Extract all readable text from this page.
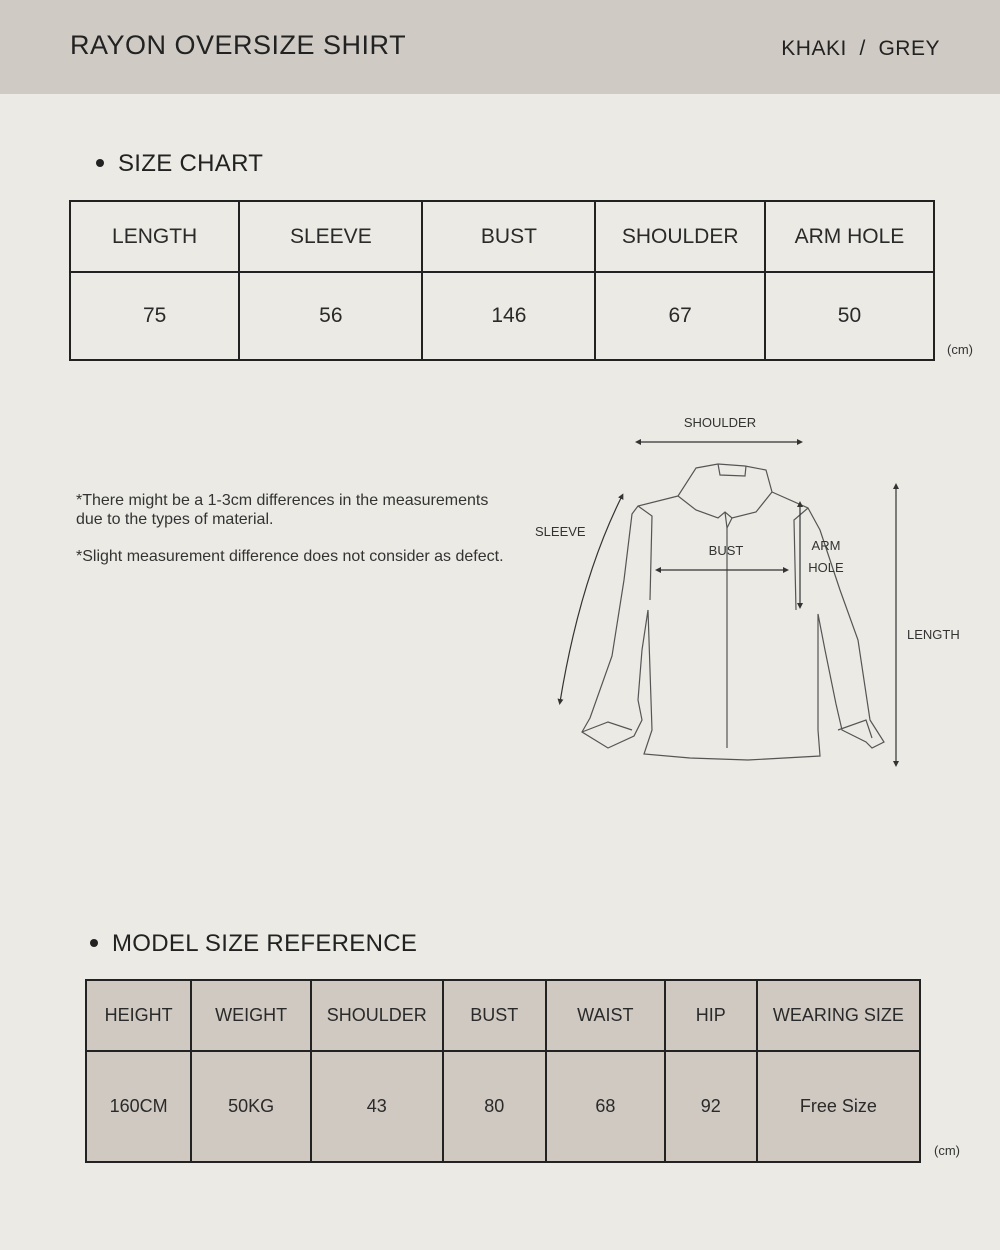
RAYON OVERSIZE SHIRT	KHAKI  /  GREY
SIZE CHART
LENGTH	SLEEVE	BUST	SHOULDER	ARM HOLE
75	56	146	67	50
(cm)
*There might be a 1-3cm differences in the measurements due to the types of material.
*Slight measurement difference does not consider as defect.
SHOULDER
SLEEVE
BUST	ARM
HOLE
LENGTH
MODEL SIZE REFERENCE
HEIGHT	WEIGHT	SHOULDER	BUST	WAIST	HIP	WEARING SIZE
160CM	50KG	43	80	68	92	Free Size
(cm)
